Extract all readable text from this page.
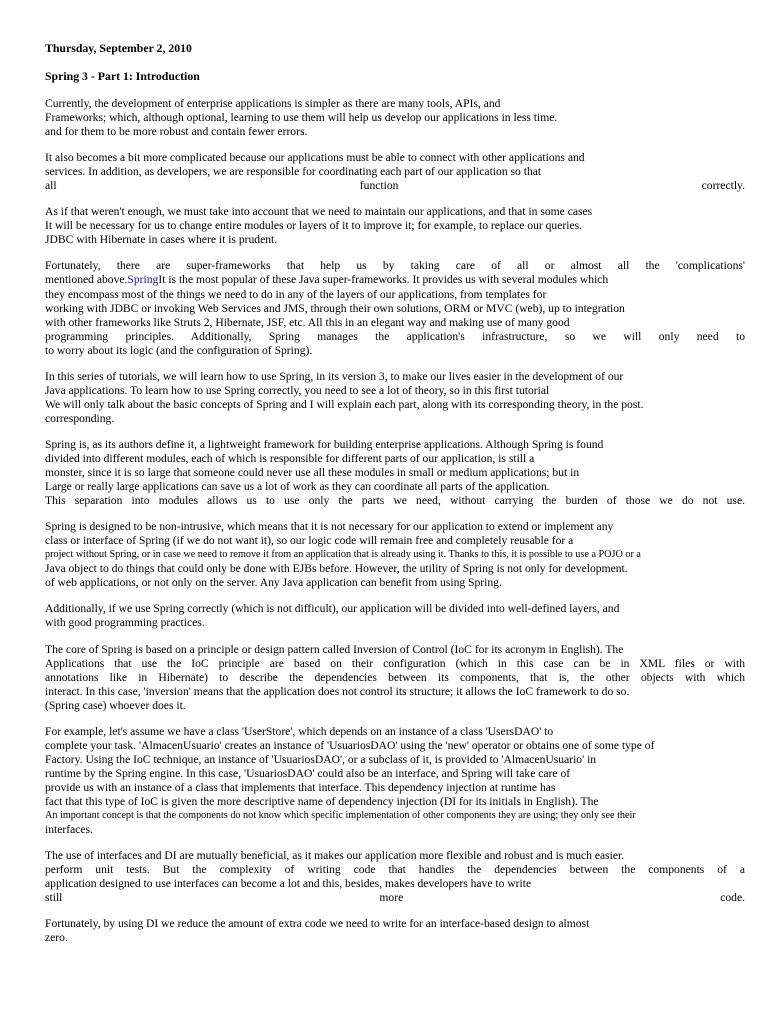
Thursday, September 2, 2010
Spring 3 - Part 1: Introduction
Currently, the development of enterprise applications is simpler as there are many tools, APIs, and
Frameworks; which, although optional, learning to use them will help us develop our applications in less time.
and for them to be more robust and contain fewer errors.
It also becomes a bit more complicated because our applications must be able to connect with other applications and
services. In addition, as developers, we are responsible for coordinating each part of our application so that
all function correctly.
As if that weren't enough, we must take into account that we need to maintain our applications, and that in some cases
It will be necessary for us to change entire modules or layers of it to improve it; for example, to replace our queries.
JDBC with Hibernate in cases where it is prudent.
Fortunately, there are super-frameworks that help us by taking care of all or almost all the 'complications'
mentioned above.SpringIt is the most popular of these Java super-frameworks. It provides us with several modules which
they encompass most of the things we need to do in any of the layers of our applications, from templates for
working with JDBC or invoking Web Services and JMS, through their own solutions, ORM or MVC (web), up to integration
with other frameworks like Struts 2, Hibernate, JSF, etc. All this in an elegant way and making use of many good
programming principles. Additionally, Spring manages the application's infrastructure, so we will only need to
to worry about its logic (and the configuration of Spring).
In this series of tutorials, we will learn how to use Spring, in its version 3, to make our lives easier in the development of our
Java applications. To learn how to use Spring correctly, you need to see a lot of theory, so in this first tutorial
We will only talk about the basic concepts of Spring and I will explain each part, along with its corresponding theory, in the post.
corresponding.
Spring is, as its authors define it, a lightweight framework for building enterprise applications. Although Spring is found
divided into different modules, each of which is responsible for different parts of our application, is still a
monster, since it is so large that someone could never use all these modules in small or medium applications; but in
Large or really large applications can save us a lot of work as they can coordinate all parts of the application.
This separation into modules allows us to use only the parts we need, without carrying the burden of those we do not use.
Spring is designed to be non-intrusive, which means that it is not necessary for our application to extend or implement any
class or interface of Spring (if we do not want it), so our logic code will remain free and completely reusable for a
project without Spring, or in case we need to remove it from an application that is already using it. Thanks to this, it is possible to use a POJO or a
Java object to do things that could only be done with EJBs before. However, the utility of Spring is not only for development.
of web applications, or not only on the server. Any Java application can benefit from using Spring.
Additionally, if we use Spring correctly (which is not difficult), our application will be divided into well-defined layers, and
with good programming practices.
The core of Spring is based on a principle or design pattern called Inversion of Control (IoC for its acronym in English). The
Applications that use the IoC principle are based on their configuration (which in this case can be in XML files or with
annotations like in Hibernate) to describe the dependencies between its components, that is, the other objects with which
interact. In this case, 'inversion' means that the application does not control its structure; it allows the IoC framework to do so.
(Spring case) whoever does it.
For example, let's assume we have a class 'UserStore', which depends on an instance of a class 'UsersDAO' to
complete your task. 'AlmacenUsuario' creates an instance of 'UsuariosDAO' using the 'new' operator or obtains one of some type of
Factory. Using the IoC technique, an instance of 'UsuariosDAO', or a subclass of it, is provided to 'AlmacenUsuario' in
runtime by the Spring engine. In this case, 'UsuariosDAO' could also be an interface, and Spring will take care of
provide us with an instance of a class that implements that interface. This dependency injection at runtime has
fact that this type of IoC is given the more descriptive name of dependency injection (DI for its initials in English). The
An important concept is that the components do not know which specific implementation of other components they are using; they only see their
interfaces.
The use of interfaces and DI are mutually beneficial, as it makes our application more flexible and robust and is much easier.
perform unit tests. But the complexity of writing code that handles the dependencies between the components of a
application designed to use interfaces can become a lot and this, besides, makes developers have to write
still more code.
Fortunately, by using DI we reduce the amount of extra code we need to write for an interface-based design to almost
zero.
